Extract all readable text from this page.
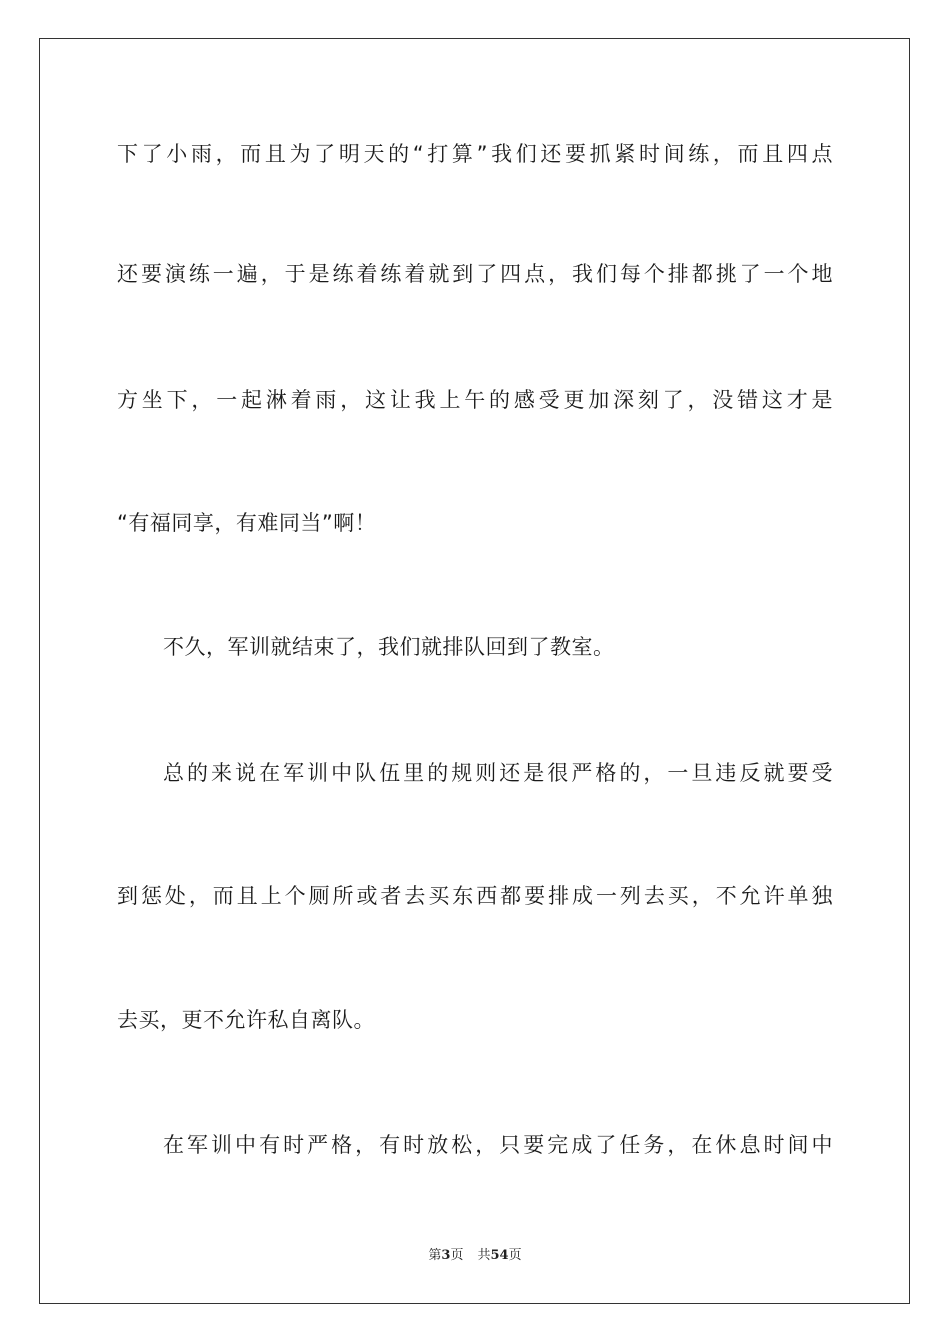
下了小雨，而且为了明天的“打算”我们还要抓紧时间练，而且四点
还要演练一遍，于是练着练着就到了四点，我们每个排都挑了一个地
方坐下，一起淋着雨，这让我上午的感受更加深刻了，没错这才是
“有福同享，有难同当”啊！
不久，军训就结束了，我们就排队回到了教室。
总的来说在军训中队伍里的规则还是很严格的，一旦违反就要受
到惩处，而且上个厕所或者去买东西都要排成一列去买，不允许单独
去买，更不允许私自离队。
在军训中有时严格，有时放松，只要完成了任务，在休息时间中
第3页 共54页
